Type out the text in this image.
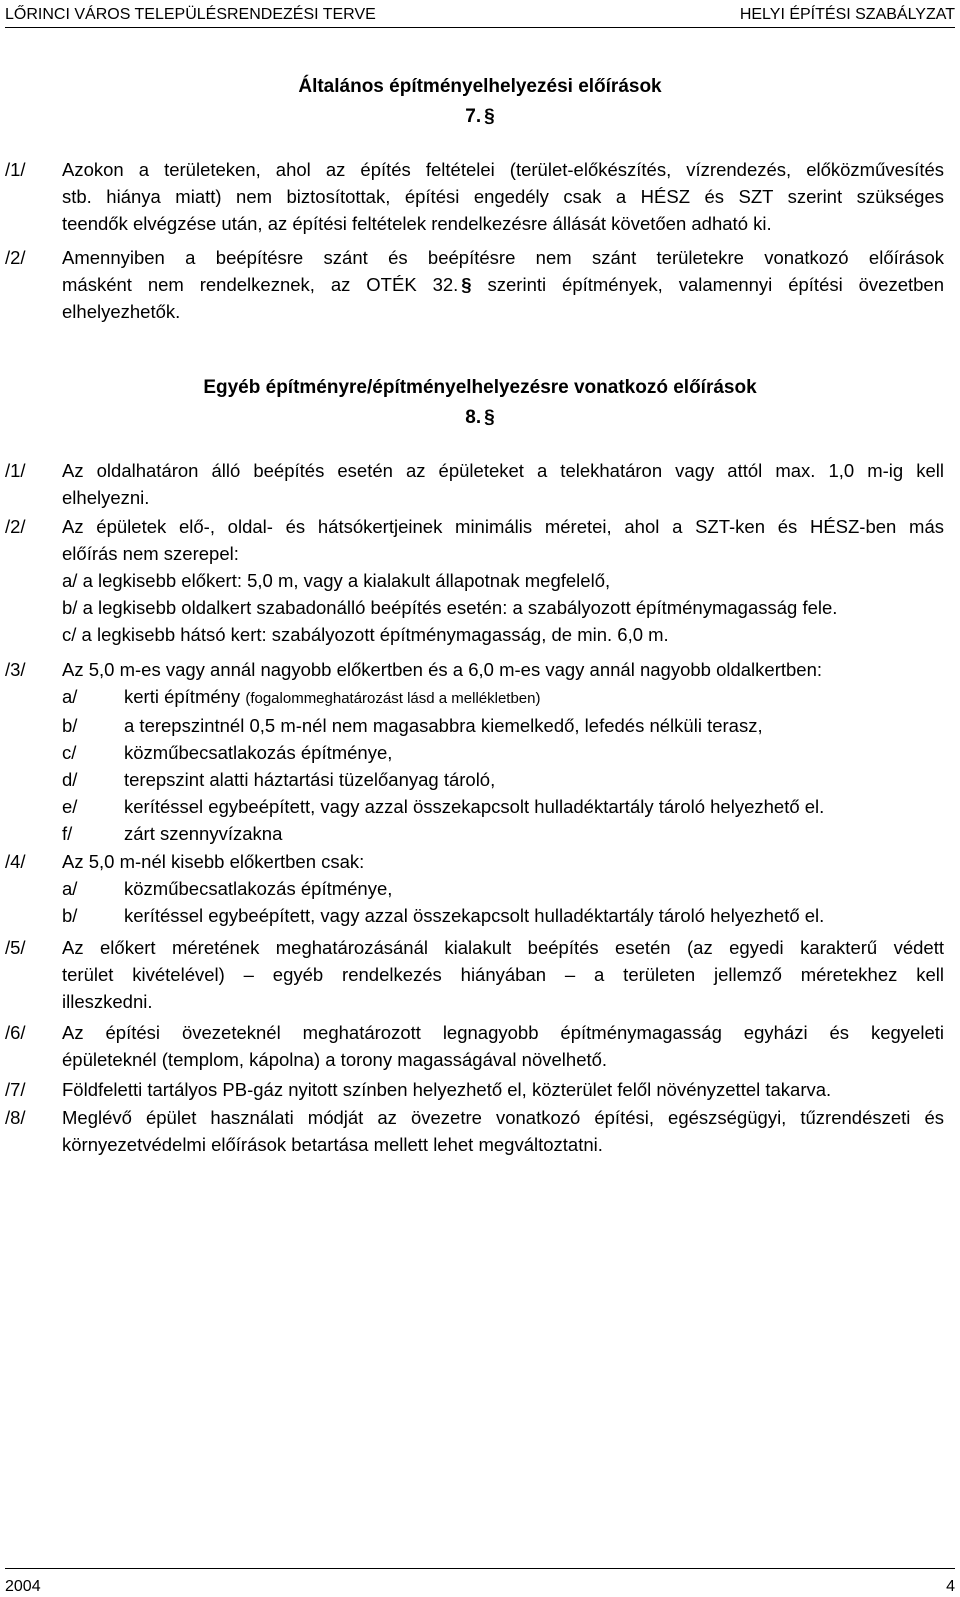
LŐRINCI VÁROS TELEPÜLÉSRENDEZÉSI TERVE	HELYI ÉPÍTÉSI SZABÁLYZAT
Általános építményelhelyezési előírások
7. §
/1/ Azokon a területeken, ahol az építés feltételei (terület-előkészítés, vízrendezés, előközművesítés
stb. hiánya miatt) nem biztosítottak, építési engedély csak a HÉSZ és SZT szerint szükséges
teendők elvégzése után, az építési feltételek rendelkezésre állását követően adható ki.
/2/ Amennyiben a beépítésre szánt és beépítésre nem szánt területekre vonatkozó előírások
másként nem rendelkeznek, az OTÉK 32. § szerinti építmények, valamennyi építési övezetben
elhelyezhetők.
Egyéb építményre/építményelhelyezésre vonatkozó előírások
8. §
/1/ Az oldalhatáron álló beépítés esetén az épületeket a telekhatáron vagy attól max. 1,0 m-ig kell
elhelyezni.
/2/ Az épületek elő-, oldal- és hátsókertjeinek minimális méretei, ahol a SZT-ken és HÉSZ-ben más
előírás nem szerepel:
a/ a legkisebb előkert: 5,0 m, vagy a kialakult állapotnak megfelelő,
b/ a legkisebb oldalkert szabadonálló beépítés esetén: a szabályozott építménymagasság fele.
c/ a legkisebb hátsó kert: szabályozott építménymagasság, de min. 6,0 m.
/3/ Az 5,0 m-es vagy annál nagyobb előkertben és a 6,0 m-es vagy annál nagyobb oldalkertben:
a/	kerti építmény (fogalommeghatározást lásd a mellékletben)
b/	a terepszintnél 0,5 m-nél nem magasabbra kiemelkedő, lefedés nélküli terasz,
c/	közműbecsatlakozás építménye,
d/	terepszint alatti háztartási tüzelőanyag tároló,
e/	kerítéssel egybeépített, vagy azzal összekapcsolt hulladéktartály tároló helyezhető el.
f/	zárt szennyvízakna
/4/ Az 5,0 m-nél kisebb előkertben csak:
a/	közműbecsatlakozás építménye,
b/	kerítéssel egybeépített, vagy azzal összekapcsolt hulladéktartály tároló helyezhető el.
/5/ Az előkert méretének meghatározásánál kialakult beépítés esetén (az egyedi karakterű védett
terület kivételével) – egyéb rendelkezés hiányában – a területen jellemző méretekhez kell
illeszkedni.
/6/ Az építési övezeteknél meghatározott legnagyobb építménymagasság egyházi és kegyeleti
épületeknél (templom, kápolna) a torony magasságával növelhető.
/7/ Földfeletti tartályos PB-gáz nyitott színben helyezhető el, közterület felől növényzettel takarva.
/8/ Meglévő épület használati módját az övezetre vonatkozó építési, egészségügyi, tűzrendészeti és
környezetvédelmi előírások betartása mellett lehet megváltoztatni.
2004	4
